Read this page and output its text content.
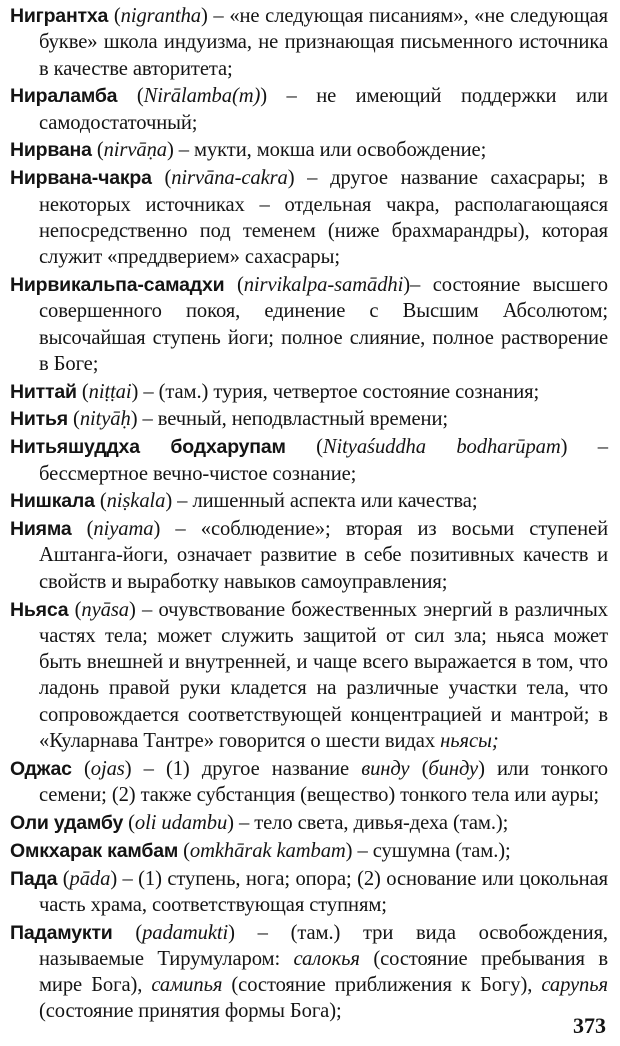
Нигрантха (nigrantha) – «не следующая писаниям», «не следующая букве» школа индуизма, не признающая письменного источника в качестве авторитета;

Нираламба (Nirālamba(m)) – не имеющий поддержки или самодостаточный;

Нирвана (nirvāṇa) – мукти, мокша или освобождение;

Нирвана-чакра (nirvāna-cakra) – другое название сахасрары; в некоторых источниках – отдельная чакра, располагающаяся непосредственно под теменем (ниже брахмарандры), которая служит «преддверием» сахасрары;

Нирвикальпа-самадхи (nirvikalpa-samādhi)– состояние высшего совершенного покоя, единение с Высшим Абсолютом; высочайшая ступень йоги; полное слияние, полное растворение в Боге;

Ниттай (niṭṭai) – (там.) турия, четвертое состояние сознания;

Нитья (nityāḥ) – вечный, неподвластный времени;

Нитьяшуддха бодхарупам (Nityaśuddha bodharūpam) – бессмертное вечно-чистое сознание;

Нишкала (niṣkala) – лишенный аспекта или качества;

Нияма (niyama) – «соблюдение»; вторая из восьми ступеней Аштанга-йоги, означает развитие в себе позитивных качеств и свойств и выработку навыков самоуправления;

Ньяса (nyāsa) – очувствование божественных энергий в различных частях тела; может служить защитой от сил зла; ньяса может быть внешней и внутренней, и чаще всего выражается в том, что ладонь правой руки кладется на различные участки тела, что сопровождается соответствующей концентрацией и мантрой; в «Куларнава Тантре» говорится о шести видах ньясы;

Оджас (ojas) – (1) другое название винду (бинду) или тонкого семени; (2) также субстанция (вещество) тонкого тела или ауры;

Оли удамбу (oli udambu) – тело света, дивья-деха (там.);

Омкхарак камбам (omkhārak kambam) – сушумна (там.);

Пада (pāda) – (1) ступень, нога; опора; (2) основание или цокольная часть храма, соответствующая ступням;

Падамукти (padamukti) – (там.) три вида освобождения, называемые Тирумуларом: салокья (состояние пребывания в мире Бога), самипья (состояние приближения к Богу), сарупья (состояние принятия формы Бога);

373
